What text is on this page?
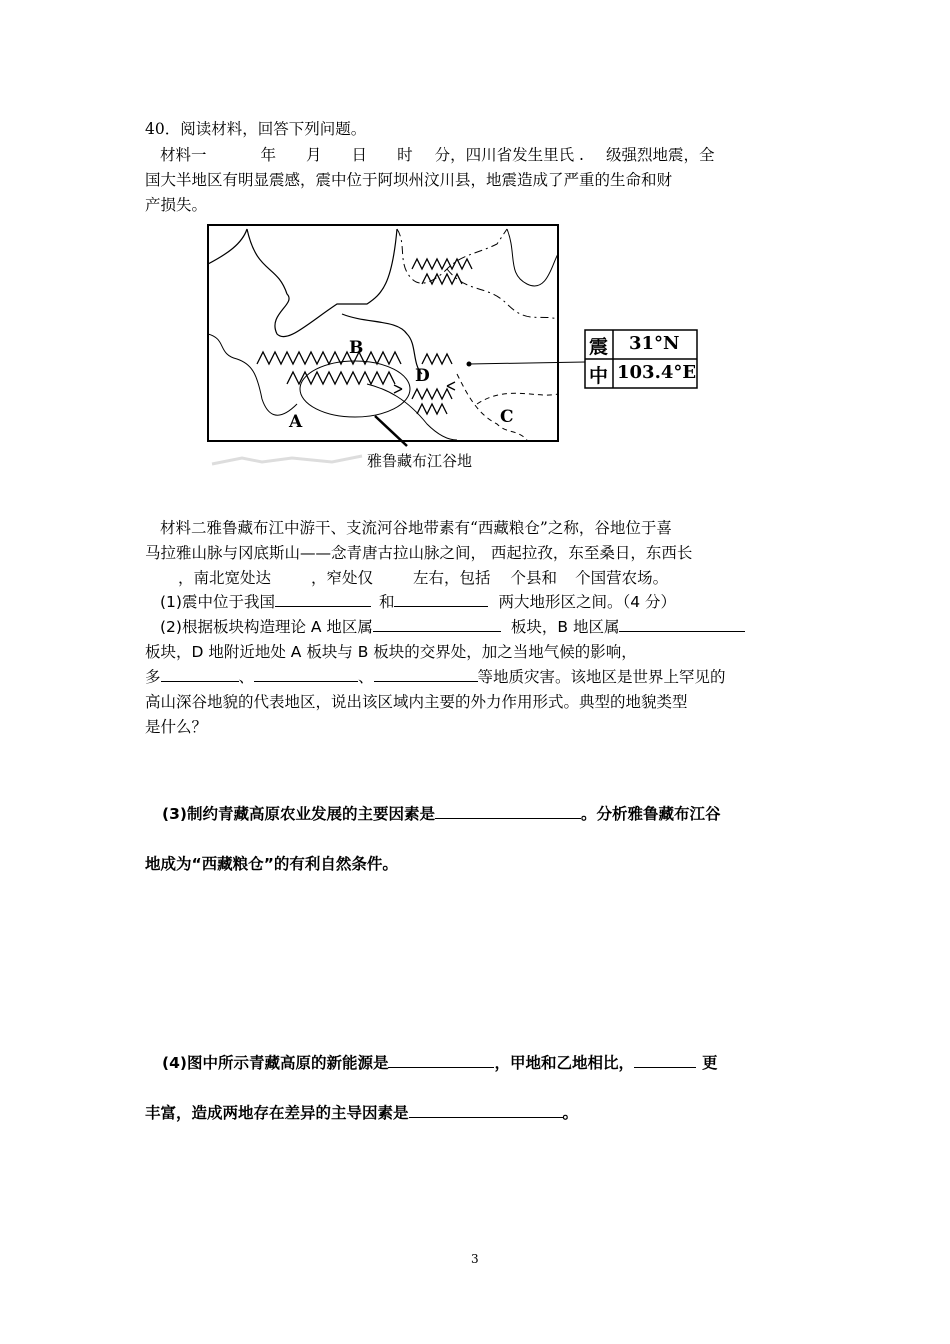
40．阅读材料，回答下列问题。
材料一	年 月 日 时 分，四川省发生里氏 . 级强烈地震，全
国大半地区有明显震感，震中位于阿坝州汶川县，地震造成了严重的生命和财
产损失。
B
A
D
C
震
中
31°N
103.4°E
雅鲁藏布江谷地
材料二雅鲁藏布江中游干、支流河谷地带素有“西藏粮仓”之称，谷地位于喜
马拉雅山脉与冈底斯山——念青唐古拉山脉之间， 西起拉孜，东至桑日，东西长
，南北宽处达	，窄处仅	左右，包括 个县和 个国营农场。
(1)震中位于我国	和	两大地形区之间。（4 分）
(2)根据板块构造理论 A 地区属	板块，B 地区属
板块，D 地附近地处 A 板块与 B 板块的交界处，加之当地气候的影响，
多	、	、	等地质灾害。该地区是世界上罕见的
高山深谷地貌的代表地区，说出该区域内主要的外力作用形式。典型的地貌类型
是什么？
(3)制约青藏高原农业发展的主要因素是	。分析雅鲁藏布江谷
地成为“西藏粮仓”的有利自然条件。
(4)图中所示青藏高原的新能源是	，甲地和乙地相比，	更
丰富，造成两地存在差异的主导因素是	。
3
